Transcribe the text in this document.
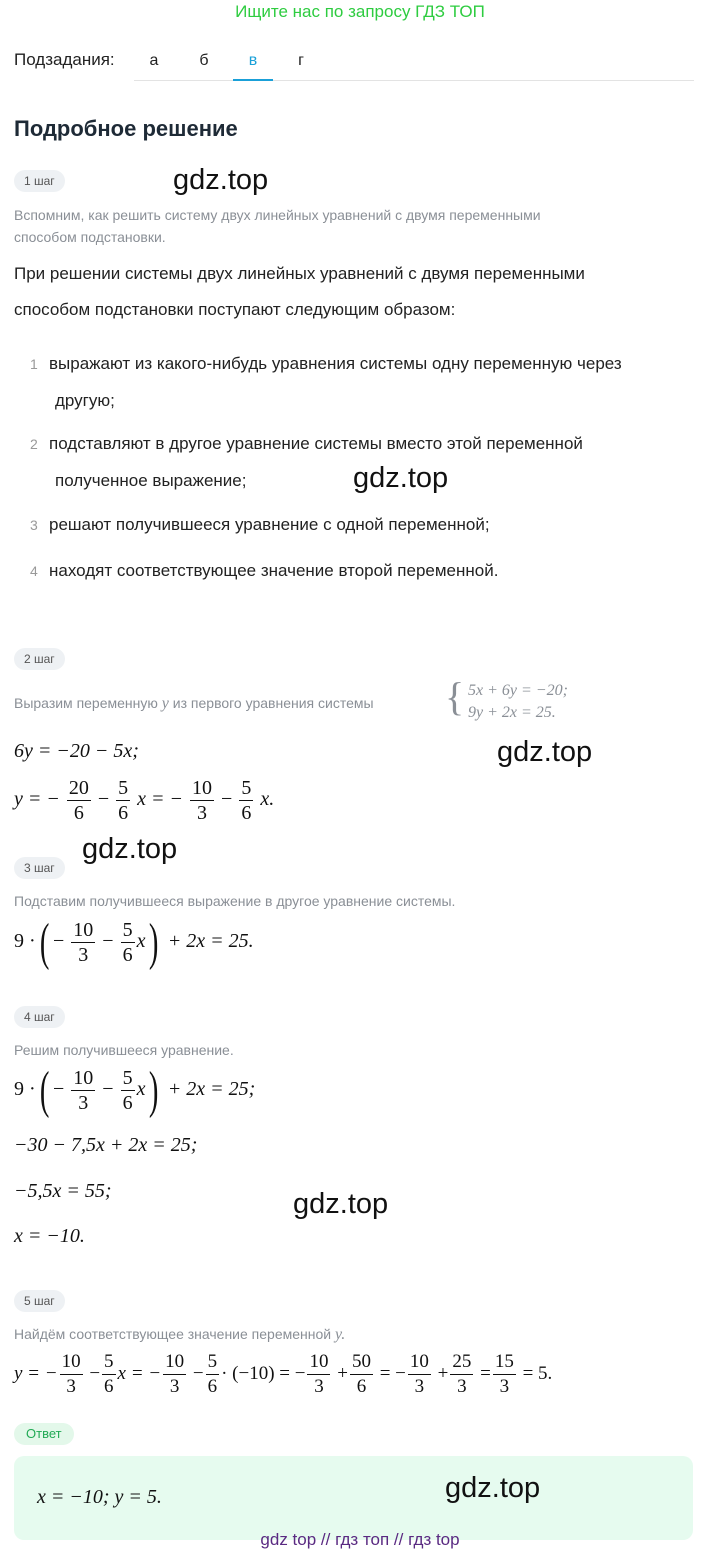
Ищите нас по запросу ГДЗ ТОП
Подзадания:	а	б	в	г
Подробное решение
1 шаг	gdz.top
Вспомним, как решить систему двух линейных уравнений с двумя переменными
способом подстановки.
При решении системы двух линейных уравнений с двумя переменными
способом подстановки поступают следующим образом:
1 выражают из какого-нибудь уравнения системы одну переменную через
другую;
2 подставляют в другое уравнение системы вместо этой переменной
полученное выражение;	gdz.top
3 решают получившееся уравнение с одной переменной;
4 находят соответствующее значение второй переменной.
2 шаг
Выразим переменную y из первого уравнения системы { 5x + 6y = −20;
9y + 2x = 25.
6y = −20 − 5x;	gdz.top
y = − $\frac{20}{6} - \frac{5}{6}$ x = − $\frac{10}{3} - \frac{5}{6} x$.
gdz.top
3 шаг
Подставим получившееся выражение в другое уравнение системы.
9 ·( − $\frac{10}{3} - \frac{5}{6} x) + 2x = 25$.
4 шаг
Решим получившееся уравнение.
9 ·( − $\frac{10}{3} - \frac{5}{6} x) + 2x = 25$;
−30 − 7,5x + 2x = 25;
−5,5x = 55;	gdz.top
x = −10.
5 шаг
Найдём соответствующее значение переменной y.
y = − $\frac{10}{3} - \frac{5}{6}$ x = − $\frac{10}{3} - \frac{5}{6} \cdot (-10)$ = − $\frac{10}{3} + \frac{50}{6}$ = − $\frac{10}{3} + \frac{25}{3} = \frac{15}{3} = 5$.
Ответ
x = −10; y = 5.	gdz.top
gdz top // гдз топ // гдз top
